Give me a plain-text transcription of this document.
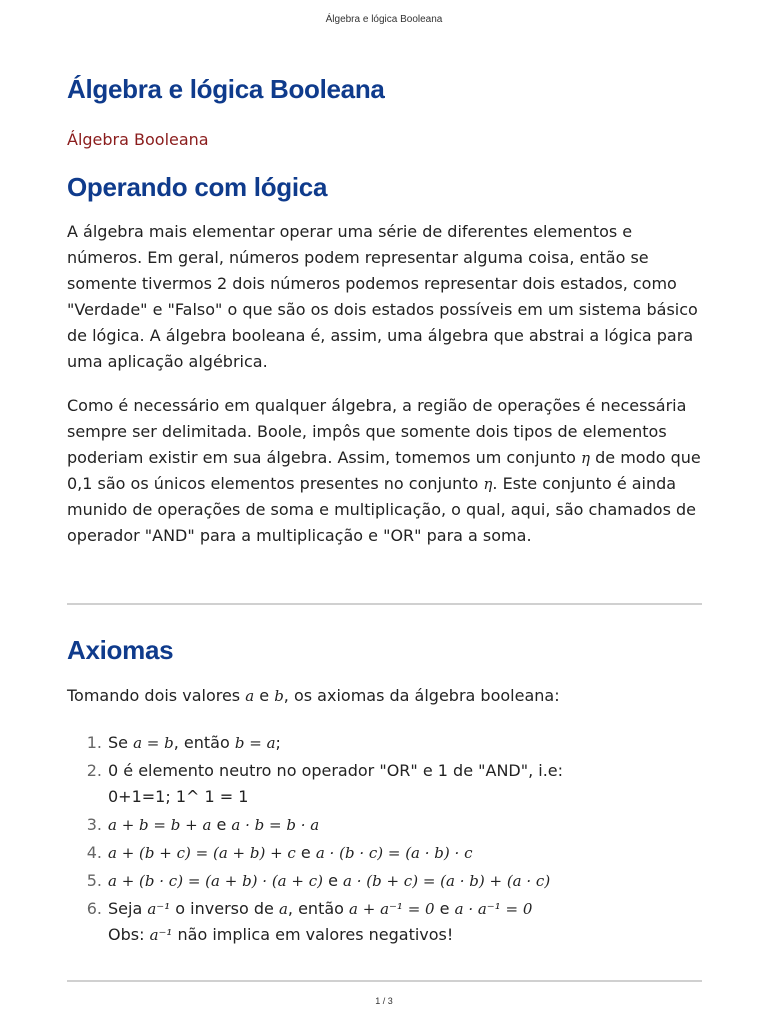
Álgebra e lógica Booleana
Álgebra e lógica Booleana
Álgebra Booleana
Operando com lógica

A álgebra mais elementar operar uma série de diferentes elementos e números. Em geral, números podem representar alguma coisa, então se somente tivermos 2 dois números podemos representar dois estados, como "Verdade" e "Falso" o que são os dois estados possíveis em um sistema básico de lógica. A álgebra booleana é, assim, uma álgebra que abstrai a lógica para uma aplicação algébrica.

Como é necessário em qualquer álgebra, a região de operações é necessária sempre ser delimitada. Boole, impôs que somente dois tipos de elementos poderiam existir em sua álgebra. Assim, tomemos um conjunto η de modo que 0,1 são os únicos elementos presentes no conjunto η. Este conjunto é ainda munido de operações de soma e multiplicação, o qual, aqui, são chamados de operador "AND" para a multiplicação e "OR" para a soma.

Axiomas

Tomando dois valores a e b, os axiomas da álgebra booleana:

1. Se a = b, então b = a;
2. 0 é elemento neutro no operador "OR" e 1 de "AND", i.e:
0+1=1; 1^ 1 = 1
3. a + b = b + a e a · b = b · a
4. a + (b + c) = (a + b) + c e a · (b · c) = (a · b) · c
5. a + (b · c) = (a + b) · (a + c) e a · (b + c) = (a · b) + (a · c)
6. Seja a⁻¹ o inverso de a, então a + a⁻¹ = 0 e a · a⁻¹ = 0
Obs: a⁻¹ não implica em valores negativos!
1 / 3
